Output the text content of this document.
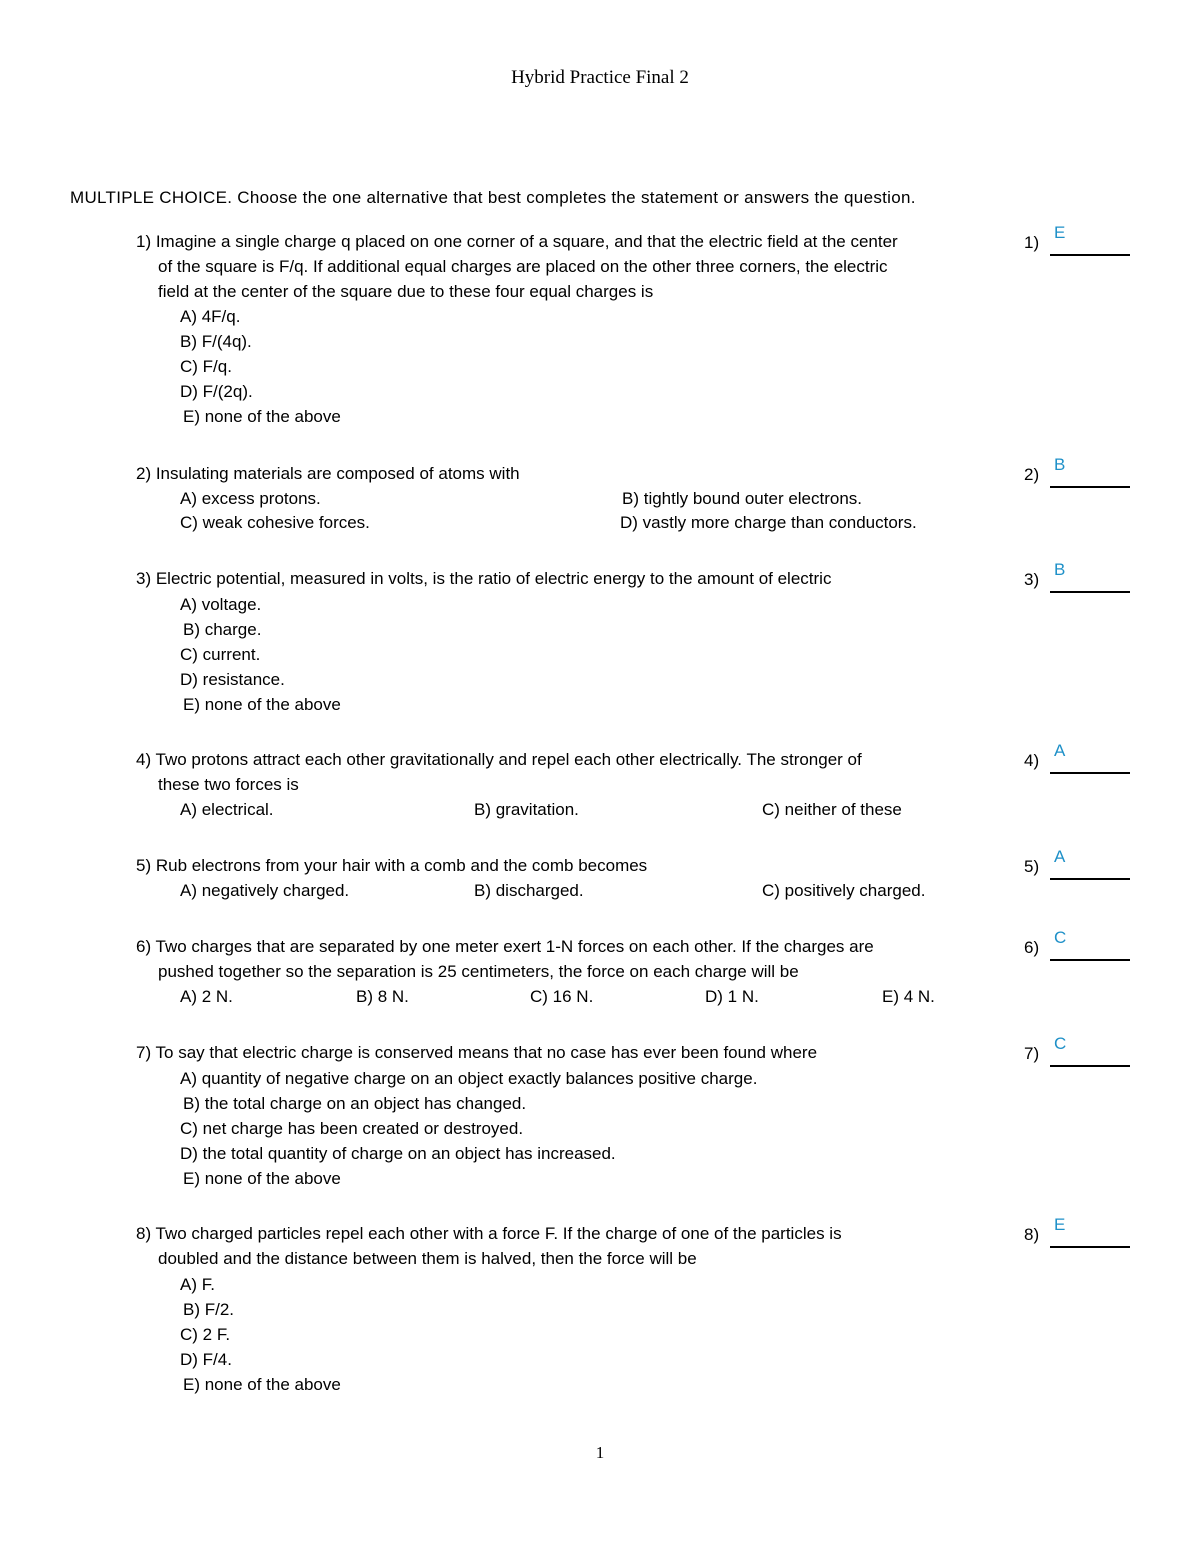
Hybrid Practice Final 2
MULTIPLE CHOICE. Choose the one alternative that best completes the statement or answers the question.
1) Imagine a single charge q placed on one corner of a square, and that the electric field at the center
of the square is F/q. If additional equal charges are placed on the other three corners, the electric
field at the center of the square due to these four equal charges is
A) 4F/q.
B) F/(4q).
C) F/q.
D) F/(2q).
E) none of the above
1)
E
2) Insulating materials are composed of atoms with
A) excess protons.	B) tightly bound outer electrons.
C) weak cohesive forces.	D) vastly more charge than conductors.
2)
B
3) Electric potential, measured in volts, is the ratio of electric energy to the amount of electric
A) voltage.
B) charge.
C) current.
D) resistance.
E) none of the above
3)
B
4) Two protons attract each other gravitationally and repel each other electrically. The stronger of
these two forces is
A) electrical.	B) gravitation.	C) neither of these
4)
A
5) Rub electrons from your hair with a comb and the comb becomes
A) negatively charged.	B) discharged.	C) positively charged.
5)
A
6) Two charges that are separated by one meter exert 1-N forces on each other. If the charges are
pushed together so the separation is 25 centimeters, the force on each charge will be
A) 2 N.	B) 8 N.	C) 16 N.	D) 1 N.	E) 4 N.
6)
C
7) To say that electric charge is conserved means that no case has ever been found where
A) quantity of negative charge on an object exactly balances positive charge.
B) the total charge on an object has changed.
C) net charge has been created or destroyed.
D) the total quantity of charge on an object has increased.
E) none of the above
7)
C
8) Two charged particles repel each other with a force F. If the charge of one of the particles is
doubled and the distance between them is halved, then the force will be
A) F.
B) F/2.
C) 2 F.
D) F/4.
E) none of the above
8)
E
1
